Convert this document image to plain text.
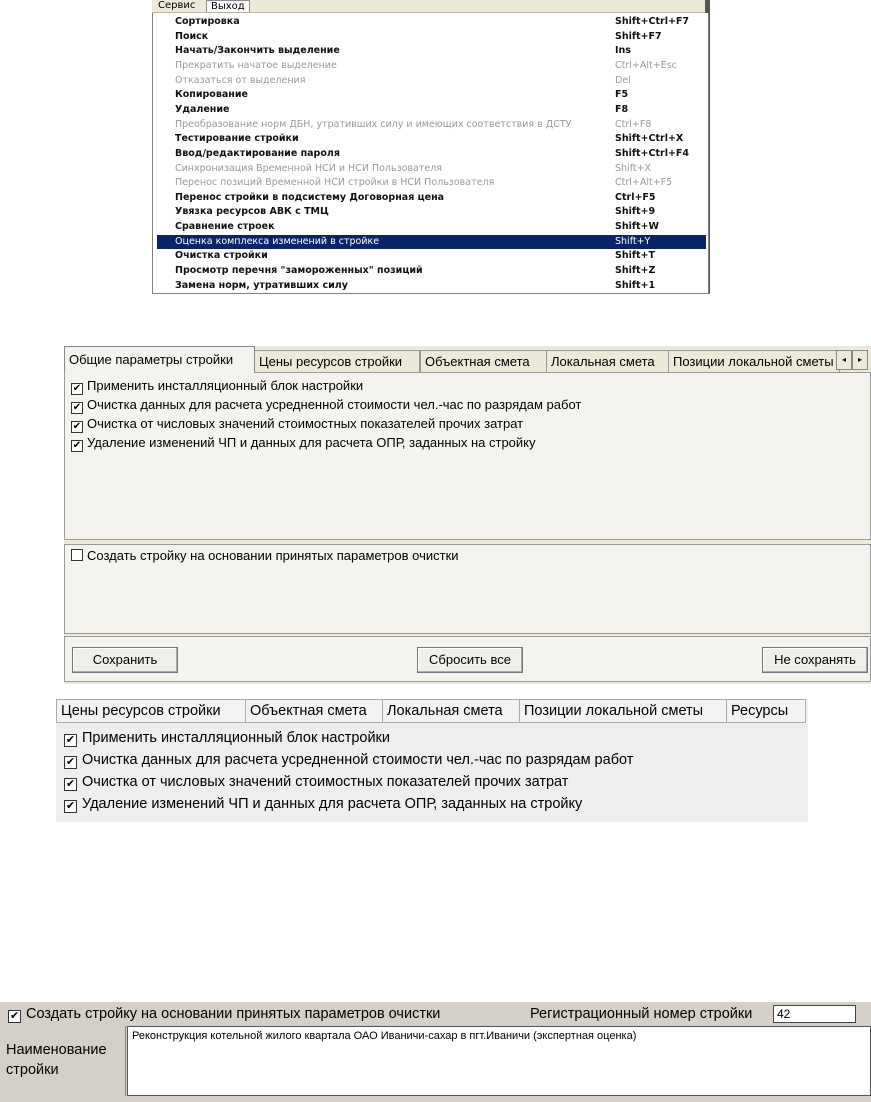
Сервис	Выход
Сортировка	Shift+Ctrl+F7
Поиск	Shift+F7
Начать/Закончить выделение	Ins
Прекратить начатое выделение	Ctrl+Alt+Esc
Отказаться от выделения	Del
Копирование	F5
Удаление	F8
Преобразование норм ДБН, утративших силу и имеющих соответствия в ДСТУ	Ctrl+F8
Тестирование стройки	Shift+Ctrl+X
Ввод/редактирование пароля	Shift+Ctrl+F4
Синхронизация Временной НСИ и НСИ Пользователя	Shift+X
Перенос позиций Временной НСИ стройки в НСИ Пользователя	Ctrl+Alt+F5
Перенос стройки в подсистему Договорная цена	Ctrl+F5
Увязка ресурсов АВК с ТМЦ	Shift+9
Сравнение строек	Shift+W
Оценка комплекса изменений в стройке	Shift+Y
Очистка стройки	Shift+T
Просмотр перечня "замороженных" позиций	Shift+Z
Замена норм, утративших силу	Shift+1
Общие параметры стройки	Цены ресурсов стройки	Объектная смета	Локальная смета	Позиции локальной сметы	◂	▸
✔ Применить инсталляционный блок настройки
✔ Очистка данных для расчета усредненной стоимости чел.-час по разрядам работ
✔ Очистка от числовых значений стоимостных показателей прочих затрат
✔ Удаление изменений ЧП и данных для расчета ОПР, заданных на стройку
Создать стройку на основании принятых параметров очистки
Сохранить	Сбросить все	Не сохранять
Цены ресурсов стройки	Объектная смета	Локальная смета	Позиции локальной сметы	Ресурсы
✔ Применить инсталляционный блок настройки
✔ Очистка данных для расчета усредненной стоимости чел.-час по разрядам работ
✔ Очистка от числовых значений стоимостных показателей прочих затрат
✔ Удаление изменений ЧП и данных для расчета ОПР, заданных на стройку
✔ Создать стройку на основании принятых параметров очистки	Регистрационный номер стройки	42
Наименование стройки
Реконструкция котельной жилого квартала ОАО Иваничи-сахар в пгт.Иваничи (экспертная оценка)
